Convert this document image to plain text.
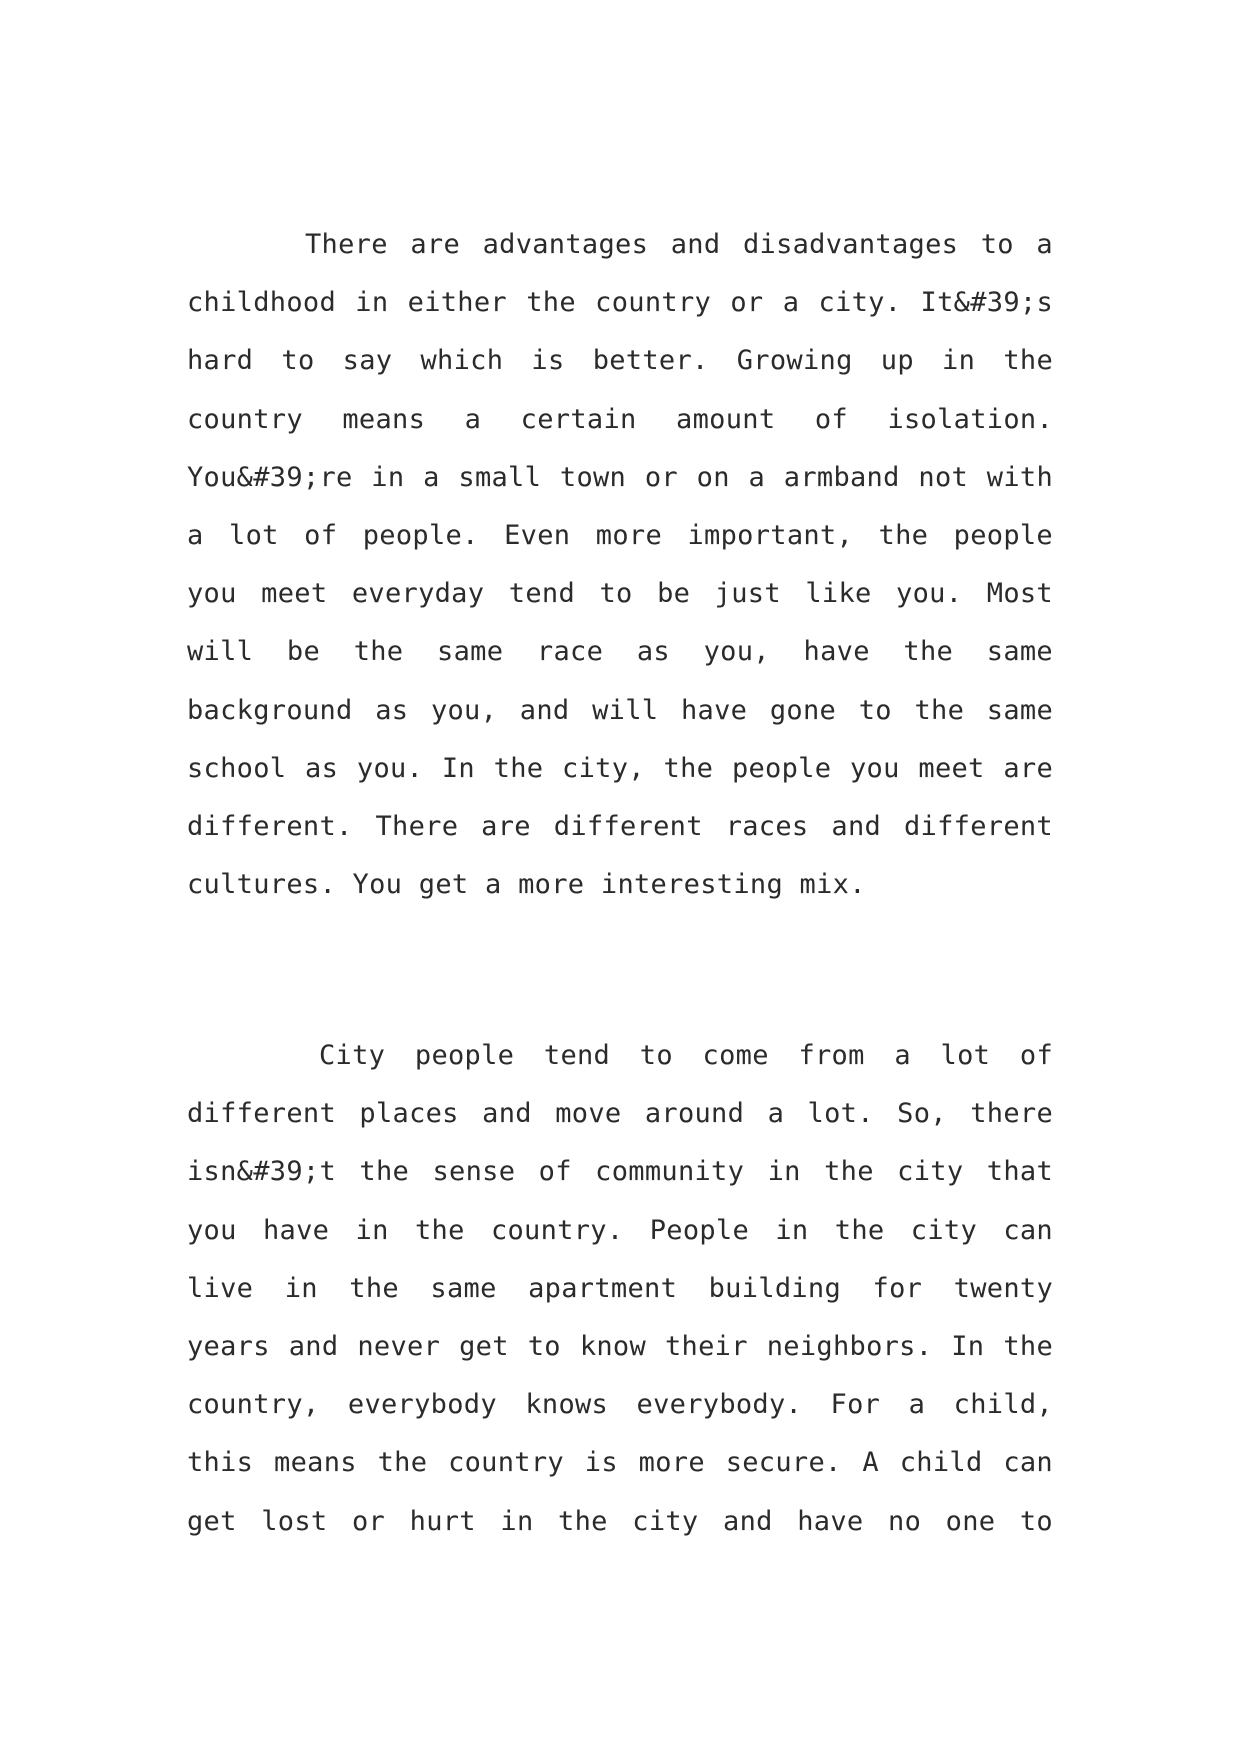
There are advantages and disadvantages to a
childhood in either the country or a city. It&#39;s
hard to say which is better. Growing up in the
country means a certain amount of isolation.
You&#39;re in a small town or on a armband not with
a lot of people. Even more important, the people
you meet everyday tend to be just like you. Most
will be the same race as you, have the same
background as you, and will have gone to the same
school as you. In the city, the people you meet are
different. There are different races and different
cultures. You get a more interesting mix.
City people tend to come from a lot of
different places and move around a lot. So, there
isn&#39;t the sense of community in the city that
you have in the country. People in the city can
live in the same apartment building for twenty
years and never get to know their neighbors. In the
country, everybody knows everybody. For a child,
this means the country is more secure. A child can
get lost or hurt in the city and have no one to
